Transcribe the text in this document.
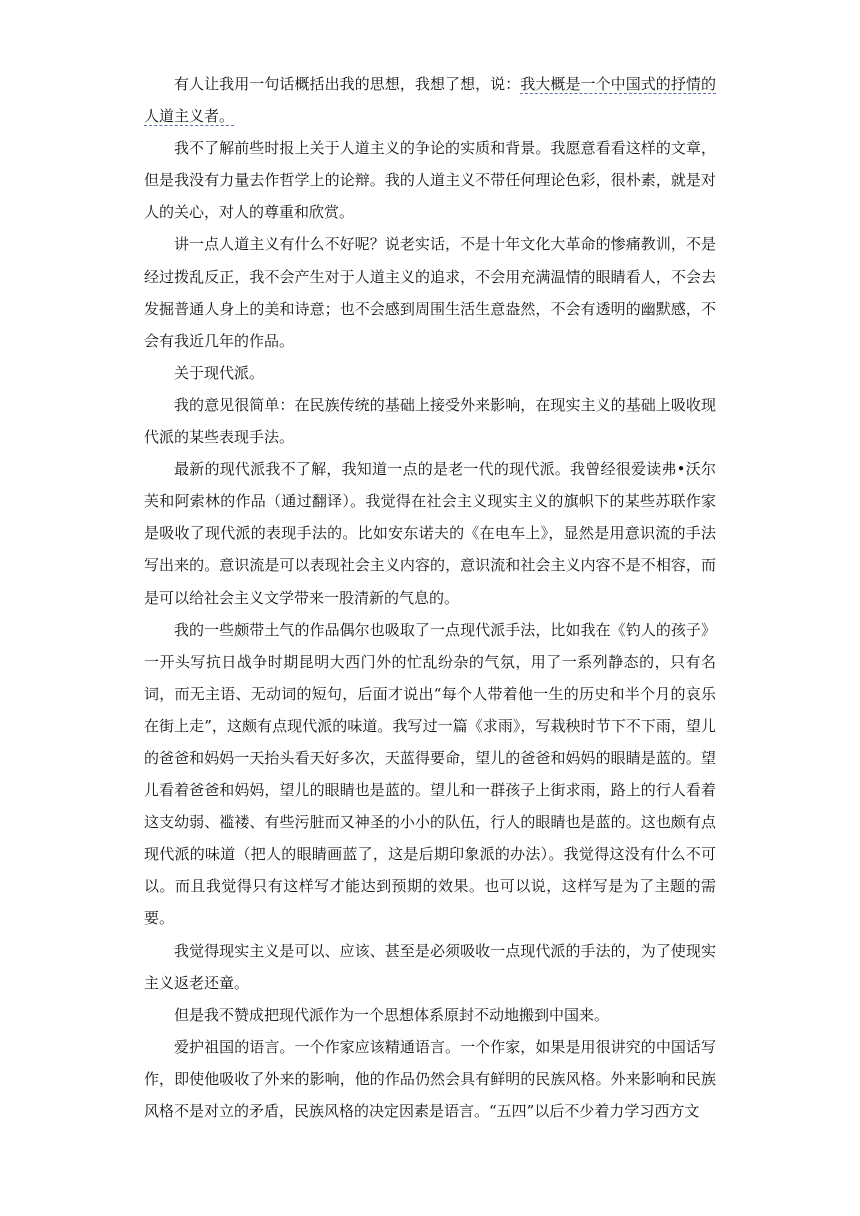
有人让我用一句话概括出我的思想，我想了想，说：我大概是一个中国式的抒情的人道主义者。

我不了解前些时报上关于人道主义的争论的实质和背景。我愿意看看这样的文章，但是我没有力量去作哲学上的论辩。我的人道主义不带任何理论色彩，很朴素，就是对人的关心，对人的尊重和欣赏。

讲一点人道主义有什么不好呢？说老实话，不是十年文化大革命的惨痛教训，不是经过拨乱反正，我不会产生对于人道主义的追求，不会用充满温情的眼睛看人，不会去发掘普通人身上的美和诗意；也不会感到周围生活生意盎然，不会有透明的幽默感，不会有我近几年的作品。

关于现代派。

我的意见很简单：在民族传统的基础上接受外来影响，在现实主义的基础上吸收现代派的某些表现手法。

最新的现代派我不了解，我知道一点的是老一代的现代派。我曾经很爱读弗•沃尔芙和阿索林的作品（通过翻译）。我觉得在社会主义现实主义的旗帜下的某些苏联作家是吸收了现代派的表现手法的。比如安东诺夫的《在电车上》，显然是用意识流的手法写出来的。意识流是可以表现社会主义内容的，意识流和社会主义内容不是不相容，而是可以给社会主义文学带来一股清新的气息的。

我的一些颇带土气的作品偶尔也吸取了一点现代派手法，比如我在《钓人的孩子》一开头写抗日战争时期昆明大西门外的忙乱纷杂的气氛，用了一系列静态的，只有名词，而无主语、无动词的短句，后面才说出“每个人带着他一生的历史和半个月的哀乐在街上走”，这颇有点现代派的味道。我写过一篇《求雨》，写栽秧时节下不下雨，望儿的爸爸和妈妈一天抬头看天好多次，天蓝得要命，望儿的爸爸和妈妈的眼睛是蓝的。望儿看着爸爸和妈妈，望儿的眼睛也是蓝的。望儿和一群孩子上街求雨，路上的行人看着这支幼弱、褴褛、有些污脏而又神圣的小小的队伍，行人的眼睛也是蓝的。这也颇有点现代派的味道（把人的眼睛画蓝了，这是后期印象派的办法）。我觉得这没有什么不可以。而且我觉得只有这样写才能达到预期的效果。也可以说，这样写是为了主题的需要。

我觉得现实主义是可以、应该、甚至是必须吸收一点现代派的手法的，为了使现实主义返老还童。

但是我不赞成把现代派作为一个思想体系原封不动地搬到中国来。

爱护祖国的语言。一个作家应该精通语言。一个作家，如果是用很讲究的中国话写作，即使他吸收了外来的影响，他的作品仍然会具有鲜明的民族风格。外来影响和民族风格不是对立的矛盾，民族风格的决定因素是语言。“五四”以后不少着力学习西方文
